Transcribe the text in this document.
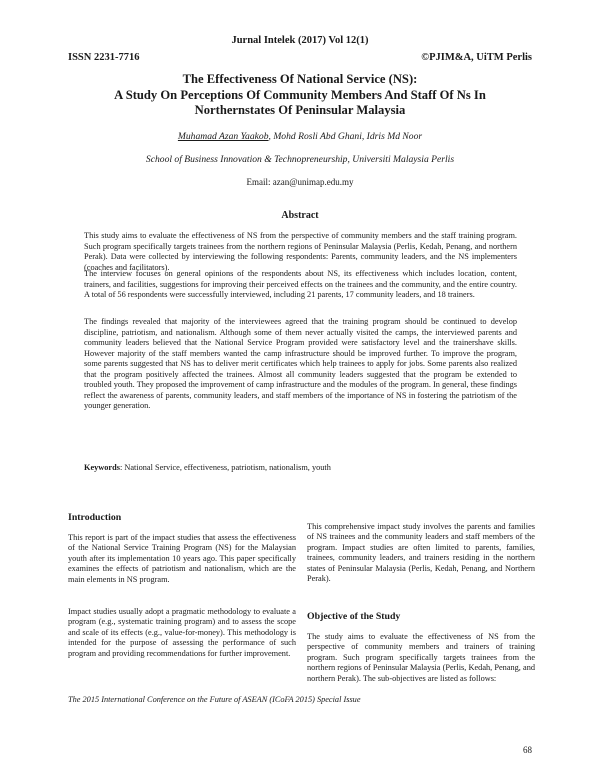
Jurnal Intelek (2017) Vol 12(1)
ISSN 2231-7716	©PJIM&A, UiTM Perlis
The Effectiveness Of National Service (NS):
A Study On Perceptions Of Community Members And Staff Of Ns In
Northernstates Of Peninsular Malaysia
Muhamad Azan Yaakob, Mohd Rosli Abd Ghani, Idris Md Noor
School of Business Innovation & Technopreneurship, Universiti Malaysia Perlis
Email: azan@unimap.edu.my
Abstract
This study aims to evaluate the effectiveness of NS from the perspective of community members and the staff training program. Such program specifically targets trainees from the northern regions of Peninsular Malaysia (Perlis, Kedah, Penang, and northern Perak). Data were collected by interviewing the following respondents: Parents, community leaders, and the NS implementers (coaches and facilitators).
The interview focuses on general opinions of the respondents about NS, its effectiveness which includes location, content, trainers, and facilities, suggestions for improving their perceived effects on the trainees and the community, and the entire country. A total of 56 respondents were successfully interviewed, including 21 parents, 17 community leaders, and 18 trainers.
The findings revealed that majority of the interviewees agreed that the training program should be continued to develop discipline, patriotism, and nationalism. Although some of them never actually visited the camps, the interviewed parents and community leaders believed that the National Service Program provided were satisfactory level and the trainershave skills. However majority of the staff members wanted the camp infrastructure should be improved further. To improve the program, some parents suggested that NS has to deliver merit certificates which help trainees to apply for jobs. Some parents also realized that the program positively affected the trainees. Almost all community leaders suggested that the program be extended to troubled youth. They proposed the improvement of camp infrastructure and the modules of the program. In general, these findings reflect the awareness of parents, community leaders, and staff members of the importance of NS in fostering the patriotism of the younger generation.
Keywords: National Service, effectiveness, patriotism, nationalism, youth
Introduction
This report is part of the impact studies that assess the effectiveness of the National Service Training Program (NS) for the Malaysian youth after its implementation 10 years ago. This paper specifically examines the effects of patriotism and nationalism, which are the main elements in NS program.
Impact studies usually adopt a pragmatic methodology to evaluate a program (e.g., systematic training program) and to assess the scope and scale of its effects (e.g., value-for-money). This methodology is intended for the purpose of assessing the performance of such program and providing recommendations for further improvement.
This comprehensive impact study involves the parents and families of NS trainees and the community leaders and staff members of the program. Impact studies are often limited to parents, families, trainees, community leaders, and trainers residing in the northern states of Peninsular Malaysia (Perlis, Kedah, Penang, and Northern Perak).
Objective of the Study
The study aims to evaluate the effectiveness of NS from the perspective of community members and trainers of training program. Such program specifically targets trainees from the northern regions of Peninsular Malaysia (Perlis, Kedah, Penang, and northern Perak). The sub-objectives are listed as follows:
The 2015 International Conference on the Future of ASEAN (ICoFA 2015) Special Issue
68
